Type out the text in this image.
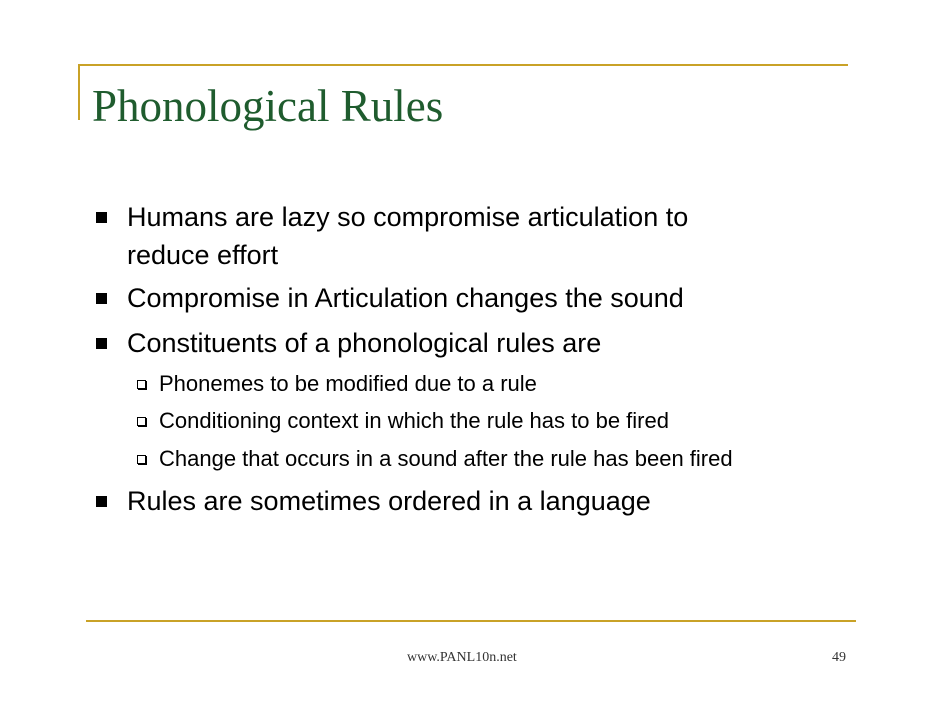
Phonological Rules
Humans are lazy so compromise articulation to
reduce effort
Compromise in Articulation changes the sound
Constituents of a phonological rules are
Phonemes to be modified due to a rule
Conditioning context in which the rule has to be fired
Change that occurs in a sound after the rule has been fired
Rules are sometimes ordered in a language
www.PANL10n.net	49
